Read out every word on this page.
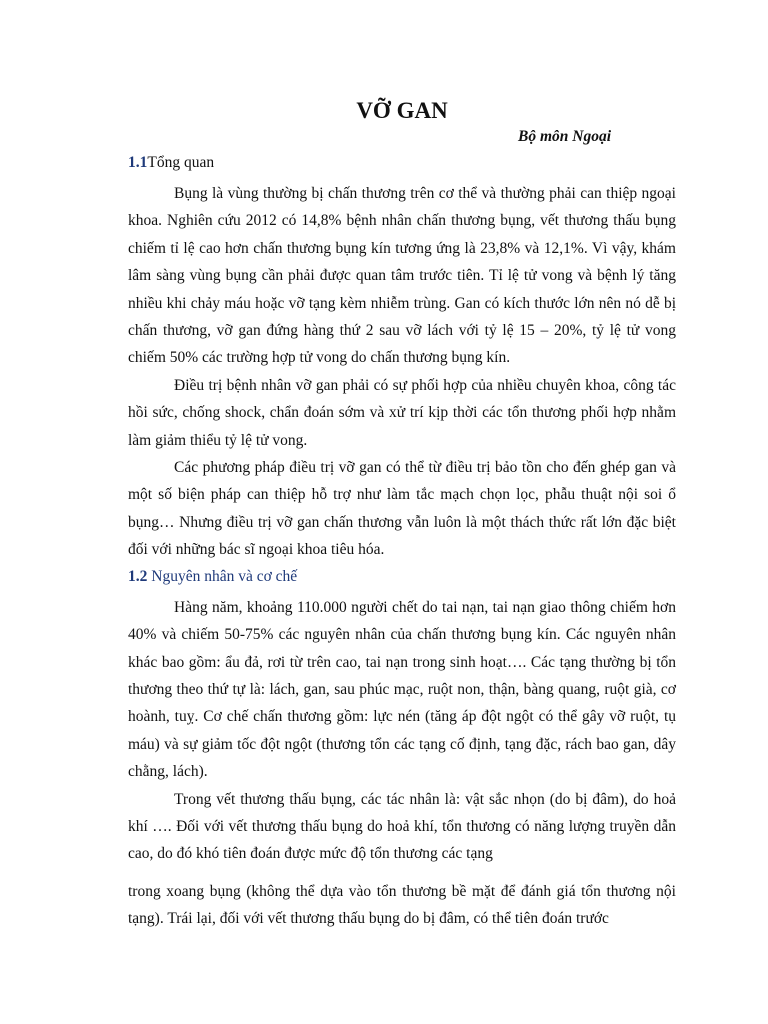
VỠ GAN
Bộ môn Ngoại
1.1Tổng quan

Bụng là vùng thường bị chấn thương trên cơ thể và thường phải can thiệp ngoại khoa. Nghiên cứu 2012 có 14,8% bệnh nhân chấn thương bụng, vết thương thấu bụng chiếm tỉ lệ cao hơn chấn thương bụng kín tương ứng là 23,8% và 12,1%. Vì vậy, khám lâm sàng vùng bụng cần phải được quan tâm trước tiên. Tỉ lệ tử vong và bệnh lý tăng nhiều khi chảy máu hoặc vỡ tạng kèm nhiễm trùng. Gan có kích thước lớn nên nó dễ bị chấn thương, vỡ gan đứng hàng thứ 2 sau vỡ lách với tỷ lệ 15 – 20%, tỷ lệ tử vong chiếm 50% các trường hợp tử vong do chấn thương bụng kín.

Điều trị bệnh nhân vỡ gan phải có sự phối hợp của nhiều chuyên khoa, công tác hồi sức, chống shock, chẩn đoán sớm và xử trí kịp thời các tổn thương phối hợp nhằm làm giảm thiểu tỷ lệ tử vong.

Các phương pháp điều trị vỡ gan có thể từ điều trị bảo tồn cho đến ghép gan và một số biện pháp can thiệp hỗ trợ như làm tắc mạch chọn lọc, phẫu thuật nội soi ổ bụng… Nhưng điều trị vỡ gan chấn thương vẫn luôn là một thách thức rất lớn đặc biệt đối với những bác sĩ ngoại khoa tiêu hóa.

1.2 Nguyên nhân và cơ chế

Hàng năm, khoảng 110.000 người chết do tai nạn, tai nạn giao thông chiếm hơn 40% và chiếm 50-75% các nguyên nhân của chấn thương bụng kín. Các nguyên nhân khác bao gồm: ẩu đả, rơi từ trên cao, tai nạn trong sinh hoạt…. Các tạng thường bị tổn thương theo thứ tự là: lách, gan, sau phúc mạc, ruột non, thận, bàng quang, ruột già, cơ hoành, tuỵ. Cơ chế chấn thương gồm: lực nén (tăng áp đột ngột có thể gây vỡ ruột, tụ máu) và sự giảm tốc đột ngột (thương tổn các tạng cố định, tạng đặc, rách bao gan, dây chằng, lách).

Trong vết thương thấu bụng, các tác nhân là: vật sắc nhọn (do bị đâm), do hoả khí …. Đối với vết thương thấu bụng do hoả khí, tổn thương có năng lượng truyền dẫn cao, do đó khó tiên đoán được mức độ tổn thương các tạng

trong xoang bụng (không thể dựa vào tổn thương bề mặt để đánh giá tổn thương nội tạng). Trái lại, đối với vết thương thấu bụng do bị đâm, có thể tiên đoán trước
